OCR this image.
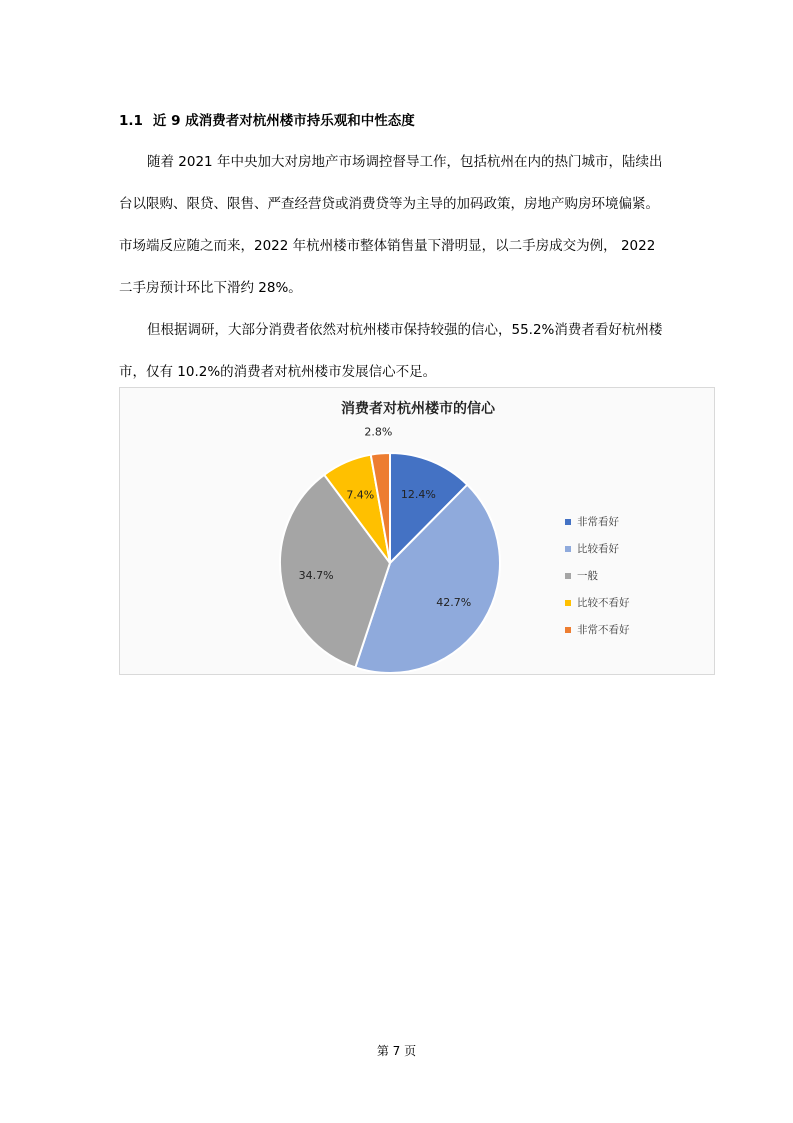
1.1 近 9 成消费者对杭州楼市持乐观和中性态度
随着 2021 年中央加大对房地产市场调控督导工作，包括杭州在内的热门城市，陆续出
台以限购、限贷、限售、严查经营贷或消费贷等为主导的加码政策，房地产购房环境偏紧。
市场端反应随之而来，2022 年杭州楼市整体销售量下滑明显，以二手房成交为例， 2022
二手房预计环比下滑约 28%。
但根据调研，大部分消费者依然对杭州楼市保持较强的信心，55.2%消费者看好杭州楼
市，仅有 10.2%的消费者对杭州楼市发展信心不足。
消费者对杭州楼市的信心
12.4%
42.7%
34.7%
7.4%
2.8%
非常看好
比较看好
一般
比较不看好
非常不看好
第 7 页
